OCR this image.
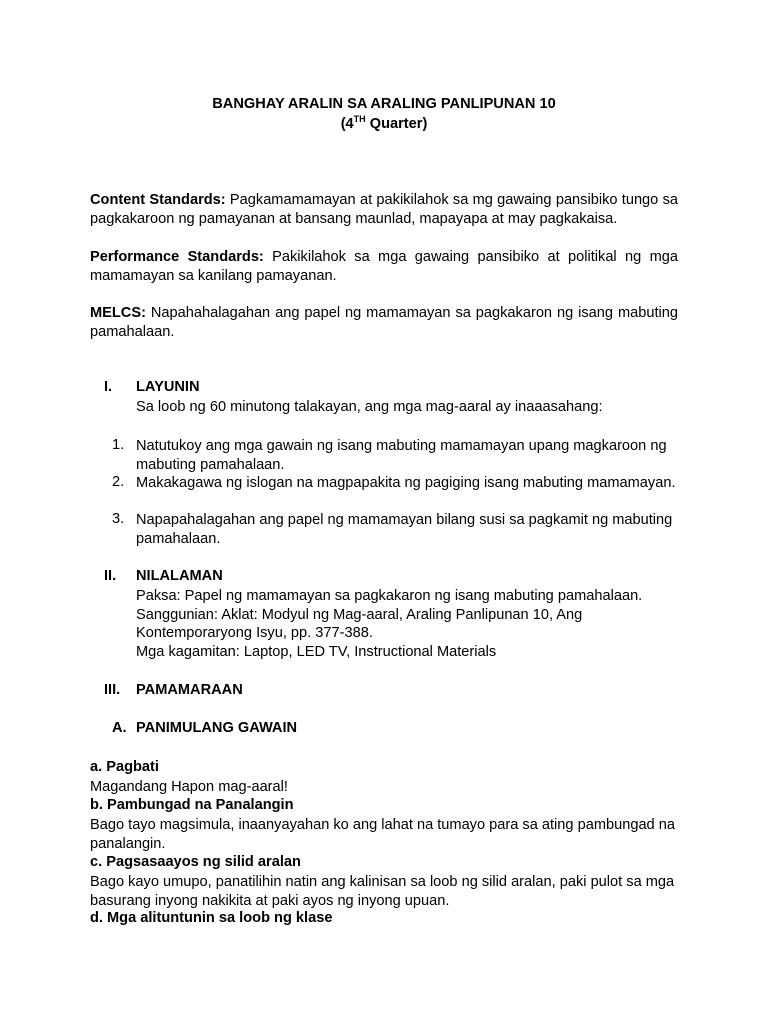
BANGHAY ARALIN SA ARALING PANLIPUNAN 10
(4TH Quarter)
Content Standards: Pagkamamamayan at pakikilahok sa mg gawaing pansibiko tungo sa pagkakaroon ng pamayanan at bansang maunlad, mapayapa at may pagkakaisa.
Performance Standards: Pakikilahok sa mga gawaing pansibiko at politikal ng mga mamamayan sa kanilang pamayanan.
MELCS: Napahahalagahan ang papel ng mamamayan sa pagkakaron ng isang mabuting pamahalaan.
I. LAYUNIN
Sa loob ng 60 minutong talakayan, ang mga mag-aaral ay inaaasahang:
1. Natutukoy ang mga gawain ng isang mabuting mamamayan upang magkaroon ng mabuting pamahalaan.
2. Makakagawa ng islogan na magpapakita ng pagiging isang mabuting mamamayan.
3. Napapahalagahan ang papel ng mamamayan bilang susi sa pagkamit ng mabuting pamahalaan.
II. NILALAMAN
Paksa: Papel ng mamamayan sa pagkakaron ng isang mabuting pamahalaan.
Sanggunian: Aklat: Modyul ng Mag-aaral, Araling Panlipunan 10, Ang
Kontemporaryong Isyu, pp. 377-388.
Mga kagamitan: Laptop, LED TV, Instructional Materials
III. PAMAMARAAN
A. PANIMULANG GAWAIN
a. Pagbati
Magandang Hapon mag-aaral!
b. Pambungad na Panalangin
Bago tayo magsimula, inaanyayahan ko ang lahat na tumayo para sa ating pambungad na panalangin.
c. Pagsasaayos ng silid aralan
Bago kayo umupo, panatilihin natin ang kalinisan sa loob ng silid aralan, paki pulot sa mga basurang inyong nakikita at paki ayos ng inyong upuan.
d. Mga alituntunin sa loob ng klase
